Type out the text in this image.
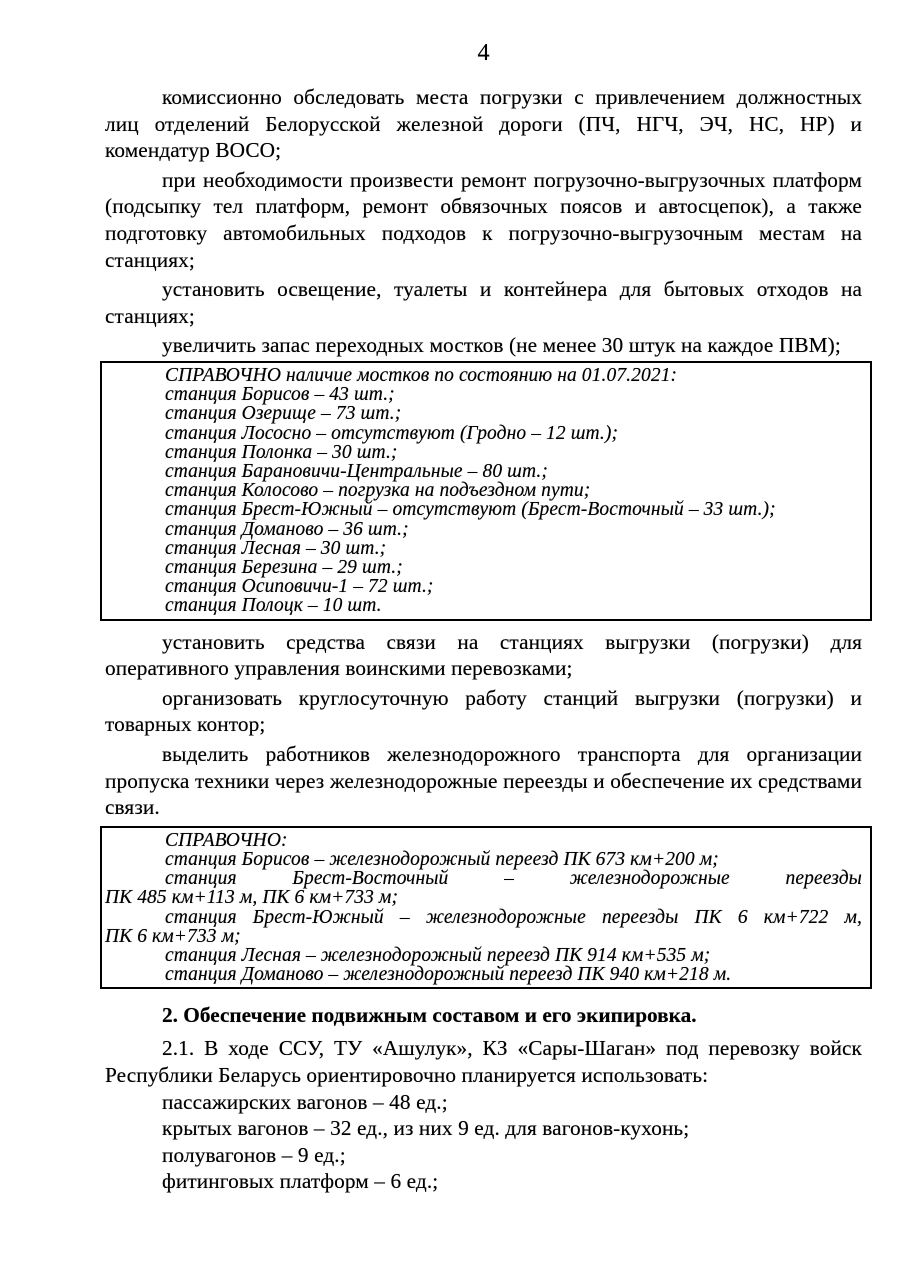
4

комиссионно обследовать места погрузки с привлечением должностных лиц отделений Белорусской железной дороги (ПЧ, НГЧ, ЭЧ, НС, НР) и комендатур ВОСО;

при необходимости произвести ремонт погрузочно-выгрузочных платформ (подсыпку тел платформ, ремонт обвязочных поясов и автосцепок), а также подготовку автомобильных подходов к погрузочно-выгрузочным местам на станциях;

установить освещение, туалеты и контейнера для бытовых отходов на станциях;

увеличить запас переходных мостков (не менее 30 штук на каждое ПВМ);

СПРАВОЧНО наличие мостков по состоянию на 01.07.2021:
станция Борисов – 43 шт.;
станция Озерище – 73 шт.;
станция Лососно – отсутствуют (Гродно – 12 шт.);
станция Полонка – 30 шт.;
станция Барановичи-Центральные – 80 шт.;
станция Колосово – погрузка на подъездном пути;
станция Брест-Южный – отсутствуют (Брест-Восточный – 33 шт.);
станция Доманово – 36 шт.;
станция Лесная – 30 шт.;
станция Березина – 29 шт.;
станция Осиповичи-1 – 72 шт.;
станция Полоцк – 10 шт.

установить средства связи на станциях выгрузки (погрузки) для оперативного управления воинскими перевозками;

организовать круглосуточную работу станций выгрузки (погрузки) и товарных контор;

выделить работников железнодорожного транспорта для организации пропуска техники через железнодорожные переезды и обеспечение их средствами связи.

СПРАВОЧНО:
станция Борисов – железнодорожный переезд ПК 673 км+200 м;
станция Брест-Восточный – железнодорожные переезды
ПК 485 км+113 м, ПК 6 км+733 м;
станция Брест-Южный – железнодорожные переезды ПК 6 км+722 м,
ПК 6 км+733 м;
станция Лесная – железнодорожный переезд ПК 914 км+535 м;
станция Доманово – железнодорожный переезд ПК 940 км+218 м.
2. Обеспечение подвижным составом и его экипировка.

2.1. В ходе ССУ, ТУ «Ашулук», КЗ «Сары-Шаган» под перевозку войск Республики Беларусь ориентировочно планируется использовать:

пассажирских вагонов – 48 ед.;
крытых вагонов – 32 ед., из них 9 ед. для вагонов-кухонь;
полувагонов – 9 ед.;
фитинговых платформ – 6 ед.;
